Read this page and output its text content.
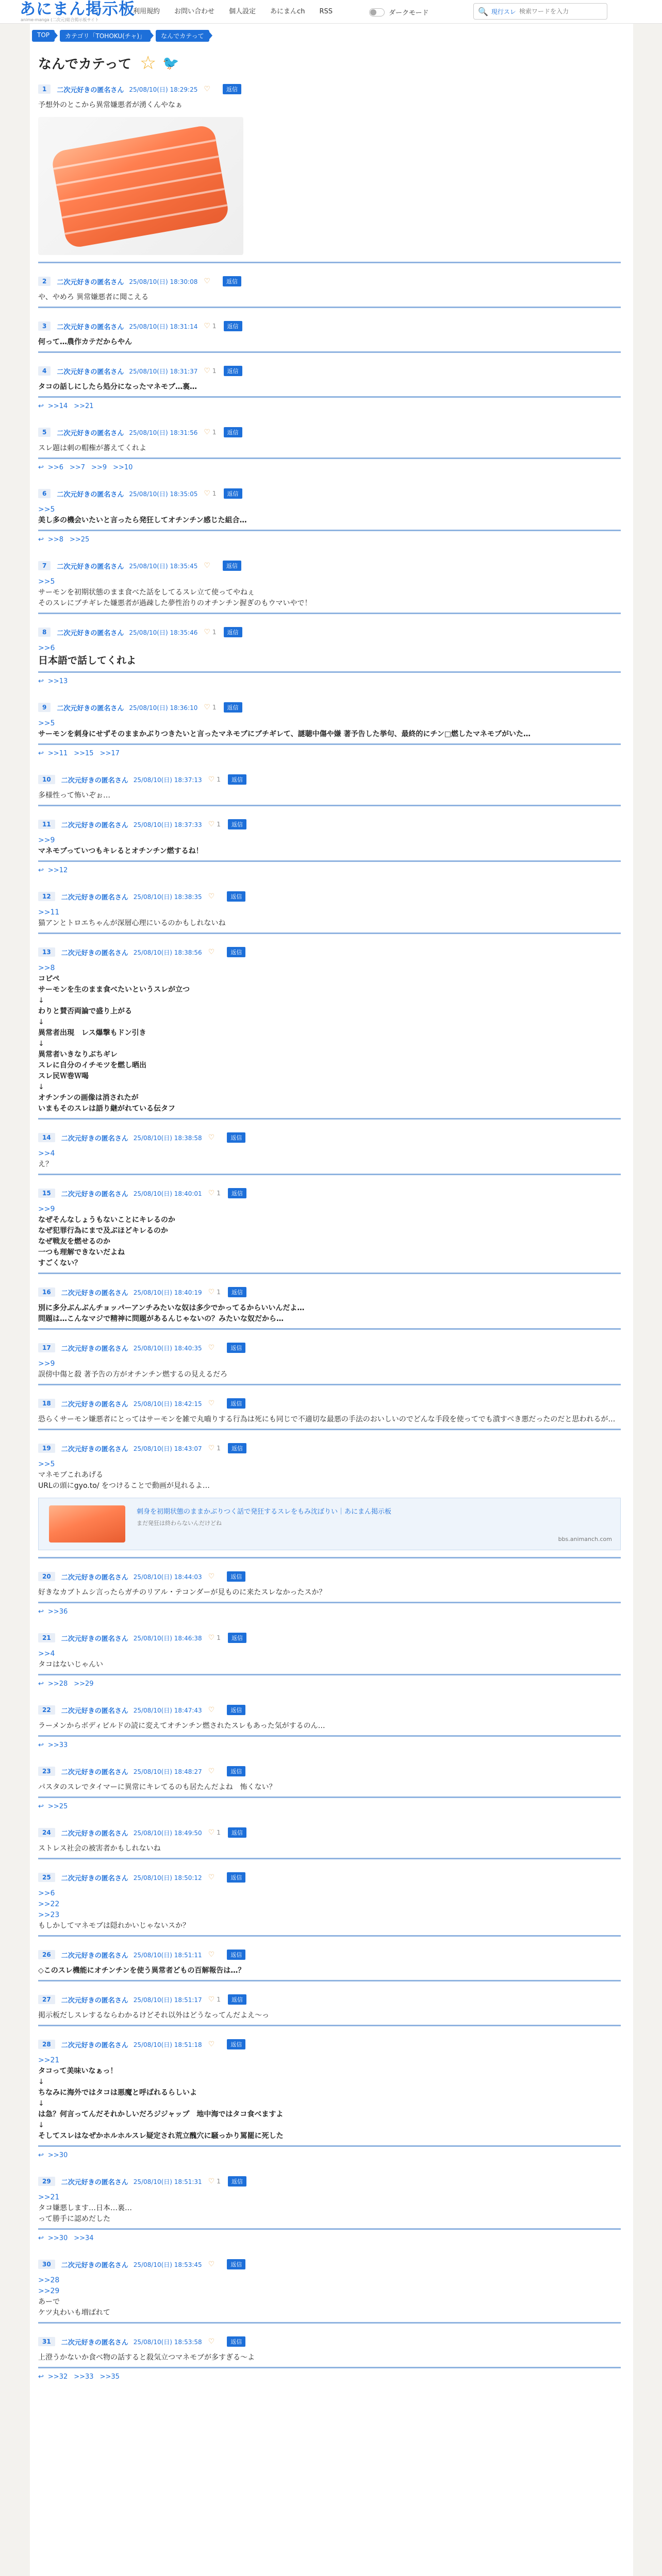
あにまん掲示板
anime-manga (二次元)総合掲示板サイト
利用規約 お問い合わせ 個人設定 あにまんch RSS	ダークモード	🔍 現行スレ
検索ワードを入力
TOP	カテゴリ「TOHOKU(チャ)」	なんでカテって
なんでカテって ☆ 🐦
1	二次元好きの匿名さん 25/08/10(日) 18:29:25 ♡	返信
予想外のとこから異常嫌悪者が湧くんやなぁ
2	二次元好きの匿名さん 25/08/10(日) 18:30:08 ♡	返信
や、やめろ 異常嫌悪者に聞こえる
3	二次元好きの匿名さん 25/08/10(日) 18:31:14 ♡ 1	返信
何って…農作カテだからやん
4	二次元好きの匿名さん 25/08/10(日) 18:31:37 ♡ 1	返信
タコの話しにしたら処分になったマネモブ…裏…
↩ >>14 >>21
5	二次元好きの匿名さん 25/08/10(日) 18:31:56 ♡ 1	返信
スレ題は刺の帽権が蕃えてくれよ
↩ >>6 >>7 >>9 >>10
6	二次元好きの匿名さん 25/08/10(日) 18:35:05 ♡ 1	返信
>>5
美し多の機会いたいと言ったら発狂してオチンチン感じた組合…
↩ >>8 >>25
7	二次元好きの匿名さん 25/08/10(日) 18:35:45 ♡	返信
>>5
サーモンを初期状態のまま食べた話をしてるスレ立て使ってやねぇ
そのスレにブチギレた嫌悪者が過疎した夢性治りのオチンチン握ぎのもウマいやで！
8	二次元好きの匿名さん 25/08/10(日) 18:35:46 ♡ 1	返信
>>6
日本語で話してくれよ
↩ >>13
9	二次元好きの匿名さん 25/08/10(日) 18:36:10 ♡ 1	返信
>>5
サーモンを刺身にせずそのままかぶりつきたいと言ったマネモブにブチギレて、謎聴中傷や嫌 著予告した挙句、最終的にチン□燃したマネモブがいた…
↩ >>11 >>15 >>17
10	二次元好きの匿名さん 25/08/10(日) 18:37:13 ♡ 1	返信
多様性って怖いぞぉ…
11	二次元好きの匿名さん 25/08/10(日) 18:37:33 ♡ 1	返信
>>9
マネモブっていつもキレるとオチンチン燃するね！
↩ >>12
12	二次元好きの匿名さん 25/08/10(日) 18:38:35 ♡	返信
>>11
猫アンとトロエちゃんが深層心理にいるのかもしれないね
13	二次元好きの匿名さん 25/08/10(日) 18:38:56 ♡	返信
>>8
コピペ
サーモンを生のまま食べたいというスレが立つ
↓
わりと賛否両論で盛り上がる
↓
異常者出現　レス爆撃もドン引き
↓
異常者いきなりぶちギレ
スレに自分のイチモツを燃し晒出
スレ民Ｗ巻Ｗ喝
↓
オチンチンの画像は消されたが
いまもそのスレは語り継がれている伝タフ
14	二次元好きの匿名さん 25/08/10(日) 18:38:58 ♡	返信
>>4
え？
15	二次元好きの匿名さん 25/08/10(日) 18:40:01 ♡ 1	返信
>>9
なぜそんなしょうもないことにキレるのか
なぜ犯罪行為にまで及ぶほどキレるのか
なぜ戦友を燃せるのか
一つも理解できないだよね
すごくない？
16	二次元好きの匿名さん 25/08/10(日) 18:40:19 ♡ 1	返信
別に多分ぶんぶんチョッパーアンチみたいな奴は多少でかってるからいいんだよ…
問題は…こんなマジで精神に問題があるんじゃないの？みたいな奴だから…
17	二次元好きの匿名さん 25/08/10(日) 18:40:35 ♡	返信
>>9
誤傍中傷と殺 著予告の方がオチンチン燃するの見えるだろ
18	二次元好きの匿名さん 25/08/10(日) 18:42:15 ♡	返信
恐らくサーモン嫌悪者にとってはサーモンを雑で丸嚙りする行為は死にも同じで不適切な最悪の手法のおいしいのでどんな手段を使ってでも潰すべき悪だったのだと思われるが…
19	二次元好きの匿名さん 25/08/10(日) 18:43:07 ♡ 1	返信
>>5
マネモブこれあげる
URLの頭にgyo.to/ をつけることで動画が見れるよ…
刺身を初期状態のままかぶりつく話で発狂するスレをもみ沈ぼりい｜あにまん掲示板
まだ発狂は終わらないんだけどね
bbs.animanch.com
20	二次元好きの匿名さん 25/08/10(日) 18:44:03 ♡	返信
好きなカブトムシ言ったらガチのリアル・テコンダーが見ものに来たスレなかったスか？
↩ >>36
21	二次元好きの匿名さん 25/08/10(日) 18:46:38 ♡ 1	返信
>>4
タコはないじゃんい
↩ >>28 >>29
22	二次元好きの匿名さん 25/08/10(日) 18:47:43 ♡	返信
ラーメンからボディビルドの読に変えてオチンチン燃されたスレもあった気がするのん…
↩ >>33
23	二次元好きの匿名さん 25/08/10(日) 18:48:27 ♡	返信
パスタのスレでタイマーに異常にキレてるのも居たんだよね　怖くない？
↩ >>25
24	二次元好きの匿名さん 25/08/10(日) 18:49:50 ♡ 1	返信
ストレス社会の被害者かもしれないね
25	二次元好きの匿名さん 25/08/10(日) 18:50:12 ♡	返信
>>6
>>22
>>23
もしかしてマネモブは隠れかいじゃないスか？
26	二次元好きの匿名さん 25/08/10(日) 18:51:11 ♡	返信
◇このスレ機能にオチンチンを使う異常者どもの百解報告は…？
27	二次元好きの匿名さん 25/08/10(日) 18:51:17 ♡ 1	返信
掲示板だしスレするならわかるけどそれ以外はどうなってんだよえ～っ
28	二次元好きの匿名さん 25/08/10(日) 18:51:18 ♡	返信
>>21
タコって美味いなぁっ！
↓
ちなみに海外ではタコは悪魔と呼ばれるらしいよ
↓
は急？何言ってんだそれかしいだろジジャップ　地中海ではタコ食べますよ
↓
そしてスレはなぜかホルホルスレ疑定され荒立醜穴に騒っかり罵罷に死した
↩ >>30
29	二次元好きの匿名さん 25/08/10(日) 18:51:31 ♡ 1	返信
>>21
タコ嫌悪します…日本…裏…
って勝手に認めだした
↩ >>30 >>34
30	二次元好きの匿名さん 25/08/10(日) 18:53:45 ♡	返信
>>28
>>29
あーで
ケツ丸わいも増ばれて
31	二次元好きの匿名さん 25/08/10(日) 18:53:58 ♡	返信
上澄うかないか食べ物の話すると殺気立つマネモブが多すぎる～よ
↩ >>32 >>33 >>35
